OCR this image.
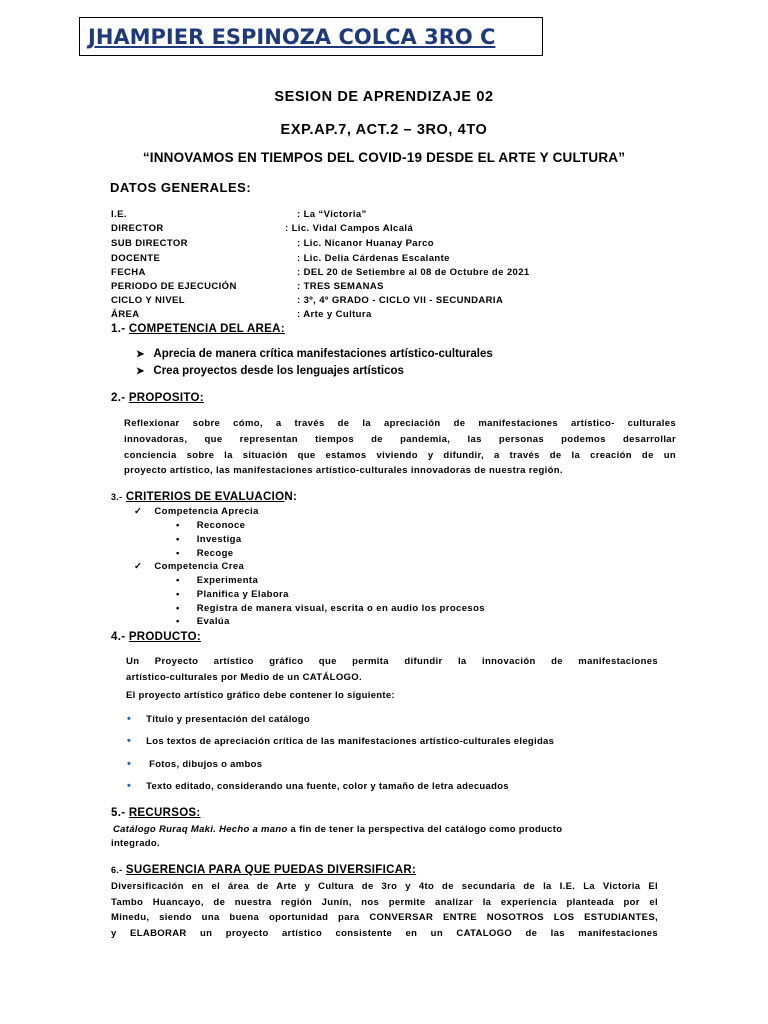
JHAMPIER ESPINOZA COLCA 3RO C
SESION DE APRENDIZAJE 02
EXP.AP.7, ACT.2 – 3RO, 4TO
“INNOVAMOS EN TIEMPOS DEL COVID-19 DESDE EL ARTE Y CULTURA”
DATOS GENERALES:
I.E.	: La “Victoria”
DIRECTOR	: Lic. Vidal Campos Alcalá
SUB DIRECTOR	: Lic. Nicanor Huanay Parco
DOCENTE	: Lic. Delia Cárdenas Escalante
FECHA	: DEL 20 de Setiembre al 08 de Octubre de 2021
PERIODO DE EJECUCIÓN	: TRES SEMANAS
CICLO Y NIVEL	: 3º, 4º GRADO - CICLO VII - SECUNDARIA
ÁREA	: Arte y Cultura
1.- COMPETENCIA DEL AREA:
➤ Aprecia de manera crítica manifestaciones artístico-culturales
➤ Crea proyectos desde los lenguajes artísticos
2.- PROPOSITO:
Reflexionar sobre cómo, a través de la apreciación de manifestaciones artístico- culturales
innovadoras, que representan tiempos de pandemia, las personas podemos desarrollar
conciencia sobre la situación que estamos viviendo y difundir, a través de la creación de un
proyecto artístico, las manifestaciones artístico-culturales innovadoras de nuestra región.
3.- CRITERIOS DE EVALUACION:
✓ Competencia Aprecia
• Reconoce
• Investiga
• Recoge
✓ Competencia Crea
• Experimenta
• Planifica y Elabora
• Registra de manera visual, escrita o en audio los procesos
• Evalúa
4.- PRODUCTO:
Un Proyecto artístico gráfico que permita difundir la innovación de manifestaciones
artístico-culturales por Medio de un CATÁLOGO.
El proyecto artístico gráfico debe contener lo siguiente:
• Título y presentación del catálogo
• Los textos de apreciación crítica de las manifestaciones artístico-culturales elegidas
• Fotos, dibujos o ambos
• Texto editado, considerando una fuente, color y tamaño de letra adecuados
5.- RECURSOS:
Catálogo Ruraq Maki. Hecho a mano a fin de tener la perspectiva del catálogo como producto
integrado.
6.- SUGERENCIA PARA QUE PUEDAS DIVERSIFICAR:
Diversificación en el área de Arte y Cultura de 3ro y 4to de secundaria de la I.E. La Victoria El
Tambo Huancayo, de nuestra región Junín, nos permite analizar la experiencia planteada por el
Minedu, siendo una buena oportunidad para CONVERSAR ENTRE NOSOTROS LOS ESTUDIANTES,
y ELABORAR un proyecto artístico consistente en un CATALOGO de las manifestaciones
